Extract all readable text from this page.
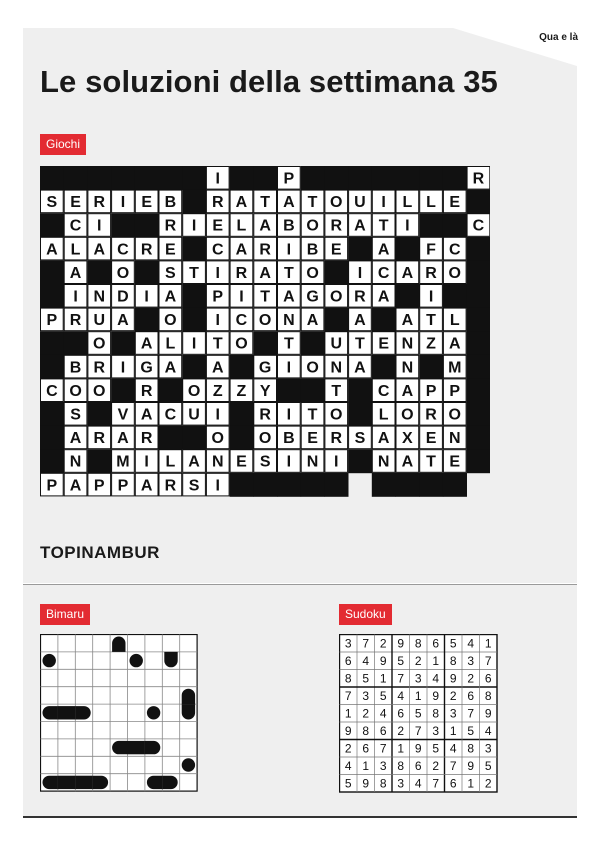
Qua e là
Le soluzioni della settimana 35
Giochi
I	P	R
S E R I E B R A T A T O U I L L E
C I	R I E L A B O R A T I	C
A L A C R E C A R I B E A F C
A O S T I R A T O I C A R O
I N D I A P I T A G O R A I
P R U A O I C O N A A A T L
O A L I T O T U T E N Z A
B R I G A A G I O N A N M
C O O R O Z Z Y	T C A P P
S V A C U I R I T O L O R O
A R A R	O O B E R S A X E N
N M I L A N E S I N I N A T E
P A P P A R S I
TOPINAMBUR
Bimaru	Sudoku
3 7 2 9 8 6 5 4 1
6 4 9 5 2 1 8 3 7
8 5 1 7 3 4 9 2 6
7 3 5 4 1 9 2 6 8
1 2 4 6 5 8 3 7 9
9 8 6 2 7 3 1 5 4
2 6 7 1 9 5 4 8 3
4 1 3 8 6 2 7 9 5
5 9 8 3 4 7 6 1 2
